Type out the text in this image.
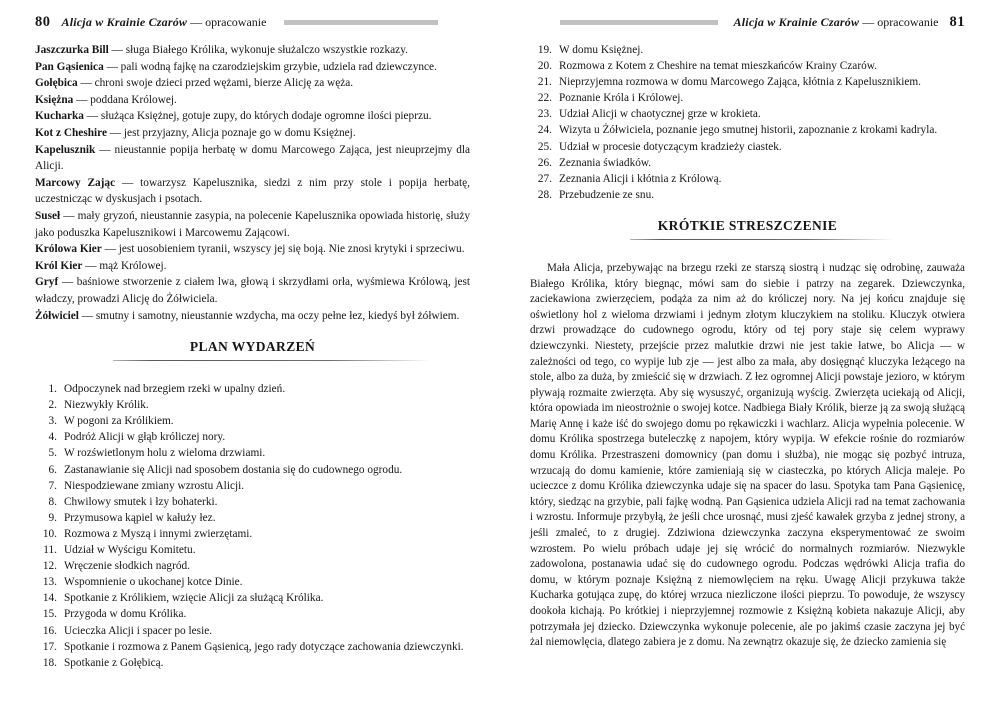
80 Alicja w Krainie Czarów — opracowanie

Jaszczurka Bill — sługa Białego Królika, wykonuje służalczo wszystkie rozkazy.

Pan Gąsienica — pali wodną fajkę na czarodziejskim grzybie, udziela rad dziewczynce.

Gołębica — chroni swoje dzieci przed wężami, bierze Alicję za węża.

Księżna — poddana Królowej.

Kucharka — służąca Księżnej, gotuje zupy, do których dodaje ogromne ilości pieprzu.

Kot z Cheshire — jest przyjazny, Alicja poznaje go w domu Księżnej.

Kapelusznik — nieustannie popija herbatę w domu Marcowego Zająca, jest nieuprzejmy dla Alicji.

Marcowy Zając — towarzysz Kapelusznika, siedzi z nim przy stole i popija herbatę, uczestnicząc w dyskusjach i psotach.

Suseł — mały gryzoń, nieustannie zasypia, na polecenie Kapelusznika opowiada historię, służy jako poduszka Kapelusznikowi i Marcowemu Zającowi.

Królowa Kier — jest uosobieniem tyranii, wszyscy jej się boją. Nie znosi krytyki i sprzeciwu.

Król Kier — mąż Królowej.

Gryf — baśniowe stworzenie z ciałem lwa, głową i skrzydłami orła, wyśmiewa Królową, jest władczy, prowadzi Alicję do Żółwiciela.

Żółwiciel — smutny i samotny, nieustannie wzdycha, ma oczy pełne łez, kiedyś był żółwiem.

PLAN WYDARZEŃ
1. Odpoczynek nad brzegiem rzeki w upalny dzień.
2. Niezwykły Królik.
3. W pogoni za Królikiem.
4. Podróż Alicji w głąb króliczej nory.
5. W rozświetlonym holu z wieloma drzwiami.
6. Zastanawianie się Alicji nad sposobem dostania się do cudownego ogrodu.
7. Niespodziewane zmiany wzrostu Alicji.
8. Chwilowy smutek i łzy bohaterki.
9. Przymusowa kąpiel w kałuży łez.
10. Rozmowa z Myszą i innymi zwierzętami.
11. Udział w Wyścigu Komitetu.
12. Wręczenie słodkich nagród.
13. Wspomnienie o ukochanej kotce Dinie.
14. Spotkanie z Królikiem, wzięcie Alicji za służącą Królika.
15. Przygoda w domu Królika.
16. Ucieczka Alicji i spacer po lesie.
17. Spotkanie i rozmowa z Panem Gąsienicą, jego rady dotyczące zachowania dziewczynki.
18. Spotkanie z Gołębicą.
Alicja w Krainie Czarów — opracowanie 81
19. W domu Księżnej.
20. Rozmowa z Kotem z Cheshire na temat mieszkańców Krainy Czarów.
21. Nieprzyjemna rozmowa w domu Marcowego Zająca, kłótnia z Kapelusznikiem.
22. Poznanie Króla i Królowej.
23. Udział Alicji w chaotycznej grze w krokieta.
24. Wizyta u Żółwiciela, poznanie jego smutnej historii, zapoznanie z krokami kadryla.
25. Udział w procesie dotyczącym kradzieży ciastek.
26. Zeznania świadków.
27. Zeznania Alicji i kłótnia z Królową.
28. Przebudzenie ze snu.
KRÓTKIE STRESZCZENIE

Mała Alicja, przebywając na brzegu rzeki ze starszą siostrą i nudząc się odrobinę, zauważa Białego Królika, który biegnąc, mówi sam do siebie i patrzy na zegarek. Dziewczynka, zaciekawiona zwierzęciem, podąża za nim aż do króliczej nory. Na jej końcu znajduje się oświetlony hol z wieloma drzwiami i jednym złotym kluczykiem na stoliku. Kluczyk otwiera drzwi prowadzące do cudownego ogrodu, który od tej pory staje się celem wyprawy dziewczynki. Niestety, przejście przez malutkie drzwi nie jest takie łatwe, bo Alicja — w zależności od tego, co wypije lub zje — jest albo za mała, aby dosięgnąć kluczyka leżącego na stole, albo za duża, by zmieścić się w drzwiach. Z łez ogromnej Alicji powstaje jezioro, w którym pływają rozmaite zwierzęta. Aby się wysuszyć, organizują wyścig. Zwierzęta uciekają od Alicji, która opowiada im nieostrożnie o swojej kotce. Nadbiega Biały Królik, bierze ją za swoją służącą Marię Annę i każe iść do swojego domu po rękawiczki i wachlarz. Alicja wypełnia polecenie. W domu Królika spostrzega buteleczkę z napojem, który wypija. W efekcie rośnie do rozmiarów domu Królika. Przestraszeni domownicy (pan domu i służba), nie mogąc się pozbyć intruza, wrzucają do domu kamienie, które zamieniają się w ciasteczka, po których Alicja maleje. Po ucieczce z domu Królika dziewczynka udaje się na spacer do lasu. Spotyka tam Pana Gąsienicę, który, siedząc na grzybie, pali fajkę wodną. Pan Gąsienica udziela Alicji rad na temat zachowania i wzrostu. Informuje przybyłą, że jeśli chce urosnąć, musi zjeść kawałek grzyba z jednej strony, a jeśli zmaleć, to z drugiej. Zdziwiona dziewczynka zaczyna eksperymentować ze swoim wzrostem. Po wielu próbach udaje jej się wrócić do normalnych rozmiarów. Niezwykle zadowolona, postanawia udać się do cudownego ogrodu. Podczas wędrówki Alicja trafia do domu, w którym poznaje Księżną z niemowlęciem na ręku. Uwagę Alicji przykuwa także Kucharka gotująca zupę, do której wrzuca niezliczone ilości pieprzu. To powoduje, że wszyscy dookoła kichają. Po krótkiej i nieprzyjemnej rozmowie z Księżną kobieta nakazuje Alicji, aby potrzymała jej dziecko. Dziewczynka wykonuje polecenie, ale po jakimś czasie zaczyna jej być żal niemowlęcia, dlatego zabiera je z domu. Na zewnątrz okazuje się, że dziecko zamienia się
